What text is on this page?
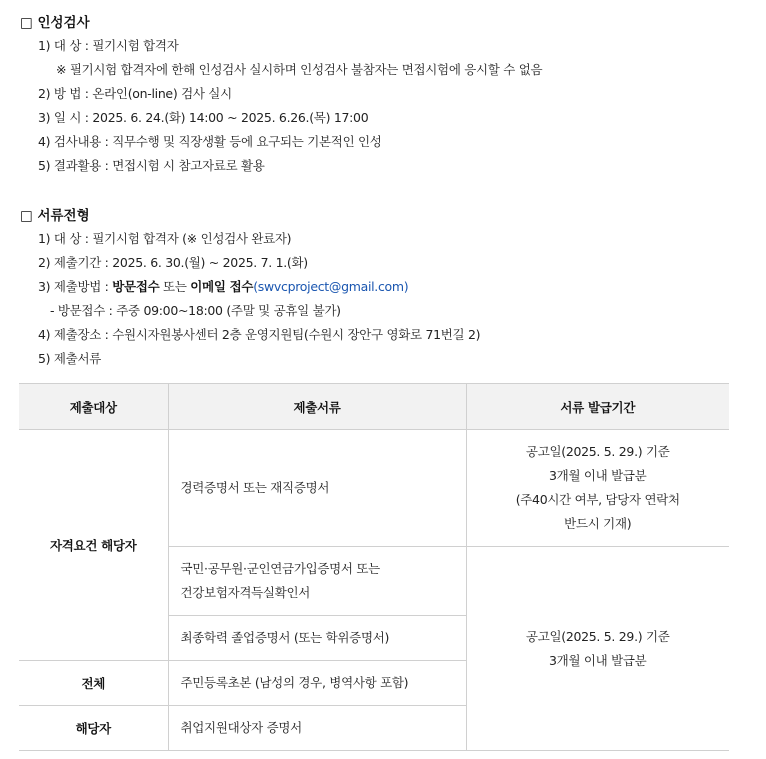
□ 인성검사
1) 대 상 : 필기시험 합격자
※ 필기시험 합격자에 한해 인성검사 실시하며 인성검사 불참자는 면접시험에 응시할 수 없음
2) 방 법 : 온라인(on-line) 검사 실시
3) 일 시 : 2025. 6. 24.(화) 14:00 ~ 2025. 6.26.(목) 17:00
4) 검사내용 : 직무수행 및 직장생활 등에 요구되는 기본적인 인성
5) 결과활용 : 면접시험 시 참고자료로 활용
□ 서류전형
1) 대 상 : 필기시험 합격자 (※ 인성검사 완료자)
2) 제출기간 : 2025. 6. 30.(월) ~ 2025. 7. 1.(화)
3) 제출방법 : 방문접수 또는 이메일 접수(swvcproject@gmail.com)
- 방문접수 : 주중 09:00~18:00 (주말 및 공휴일 불가)
4) 제출장소 : 수원시자원봉사센터 2층 운영지원팀(수원시 장안구 영화로 71번길 2)
5) 제출서류
제출대상	제출서류	서류 발급기간
자격요건 해당자	경력증명서 또는 재직증명서	공고일(2025. 5. 29.) 기준
3개월 이내 발급분
(주40시간 여부, 담당자 연락처
반드시 기재)

	국민·공무원·군인연금가입증명서 또는
건강보험자격득실확인서	공고일(2025. 5. 29.) 기준
3개월 이내 발급분

	최종학력 졸업증명서 (또는 학위증명서)	
전체	주민등록초본 (남성의 경우, 병역사항 포함)	
해당자	취업지원대상자 증명서	
